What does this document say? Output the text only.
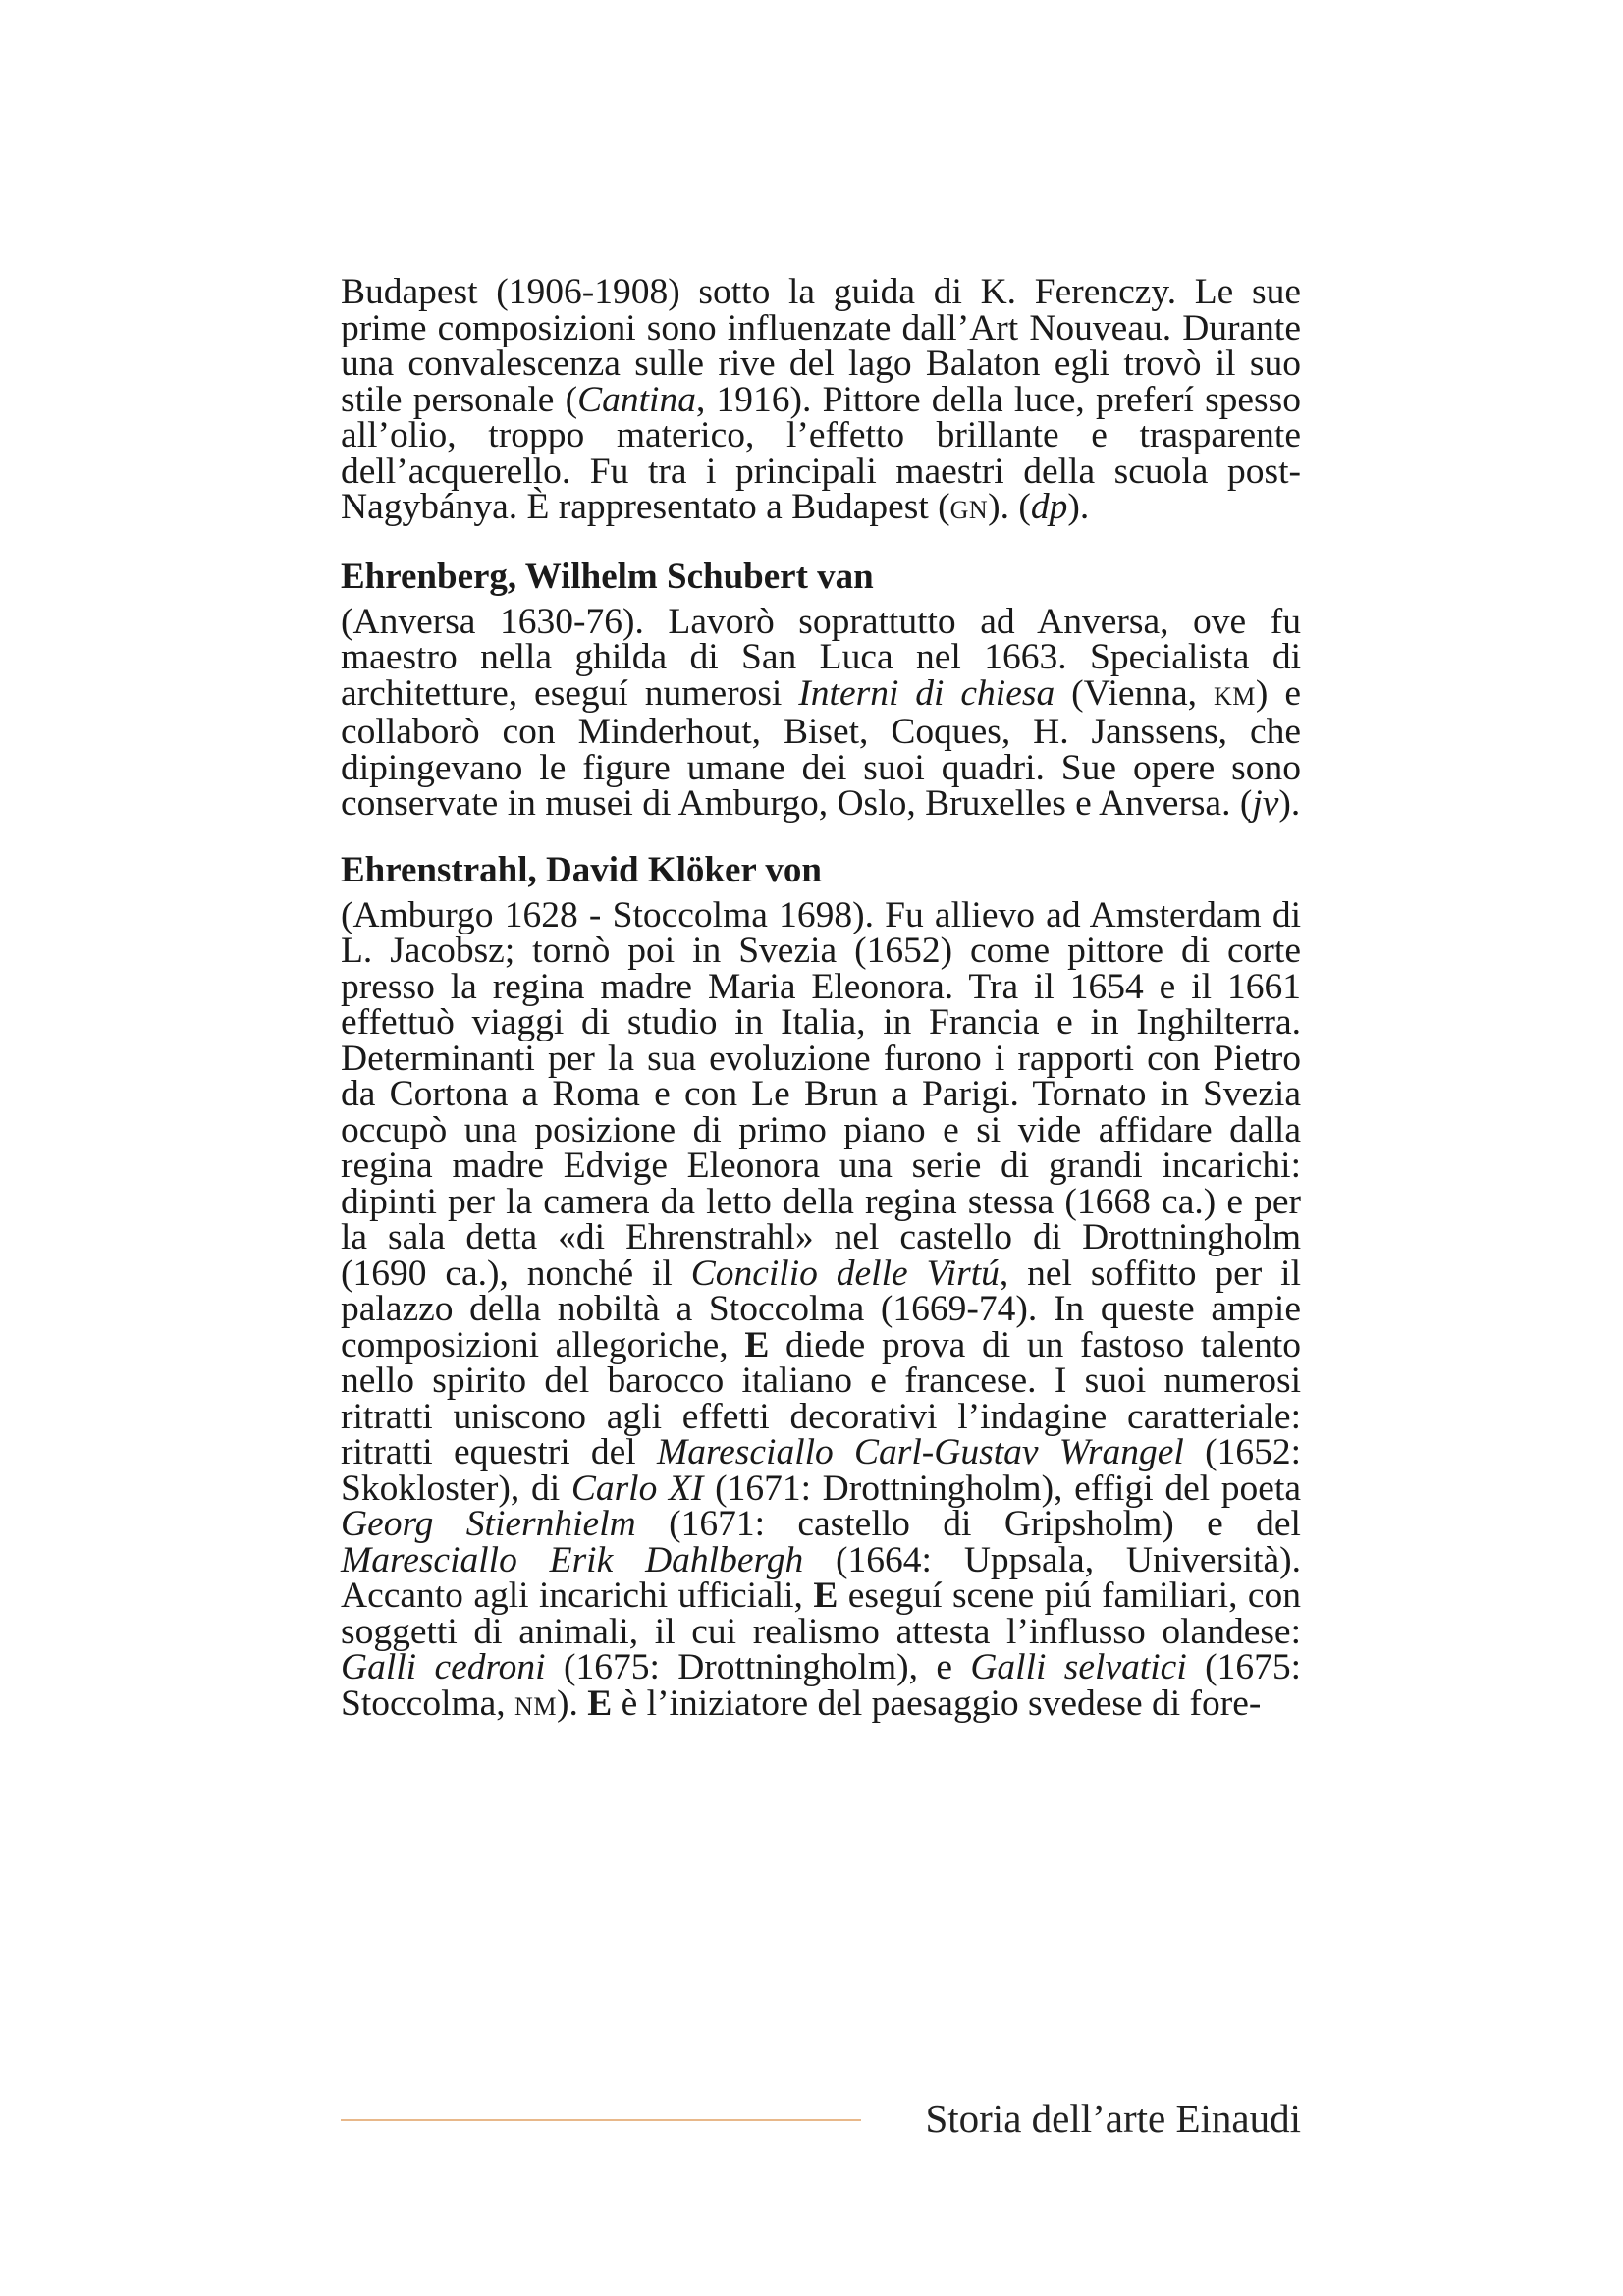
Budapest (1906-1908) sotto la guida di K. Ferenczy. Le sue prime composizioni sono influenzate dall’Art Nouveau. Durante una convalescenza sulle rive del lago Balaton egli trovò il suo stile personale (Cantina, 1916). Pittore della luce, preferí spesso all’olio, troppo materico, l’effetto brillante e trasparente dell’acquerello. Fu tra i principali maestri della scuola post-Nagybánya. È rappresentato a Budapest (GN). (dp).

Ehrenberg, Wilhelm Schubert van

(Anversa 1630-76). Lavorò soprattutto ad Anversa, ove fu maestro nella ghilda di San Luca nel 1663. Specialista di architetture, eseguí numerosi Interni di chiesa (Vienna, KM) e collaborò con Minderhout, Biset, Coques, H. Janssens, che dipingevano le figure umane dei suoi quadri. Sue opere sono conservate in musei di Amburgo, Oslo, Bruxelles e Anversa. (jv).

Ehrenstrahl, David Klöker von

(Amburgo 1628 - Stoccolma 1698). Fu allievo ad Amsterdam di L. Jacobsz; tornò poi in Svezia (1652) come pittore di corte presso la regina madre Maria Eleonora. Tra il 1654 e il 1661 effettuò viaggi di studio in Italia, in Francia e in Inghilterra. Determinanti per la sua evoluzione furono i rapporti con Pietro da Cortona a Roma e con Le Brun a Parigi. Tornato in Svezia occupò una posizione di primo piano e si vide affidare dalla regina madre Edvige Eleonora una serie di grandi incarichi: dipinti per la camera da letto della regina stessa (1668 ca.) e per la sala detta «di Ehrenstrahl» nel castello di Drottningholm (1690 ca.), nonché il Concilio delle Virtú, nel soffitto per il palazzo della nobiltà a Stoccolma (1669-74). In queste ampie composizioni allegoriche, E diede prova di un fastoso talento nello spirito del barocco italiano e francese. I suoi numerosi ritratti uniscono agli effetti decorativi l’indagine caratteriale: ritratti equestri del Maresciallo Carl-Gustav Wrangel (1652: Skokloster), di Carlo XI (1671: Drottningholm), effigi del poeta Georg Stiernhielm (1671: castello di Gripsholm) e del Maresciallo Erik Dahlbergh (1664: Uppsala, Università). Accanto agli incarichi ufficiali, E eseguí scene piú familiari, con soggetti di animali, il cui realismo attesta l’influsso olandese: Galli cedroni (1675: Drottningholm), e Galli selvatici (1675: Stoccolma, NM). E è l’iniziatore del paesaggio svedese di fore-

Storia dell’arte Einaudi
